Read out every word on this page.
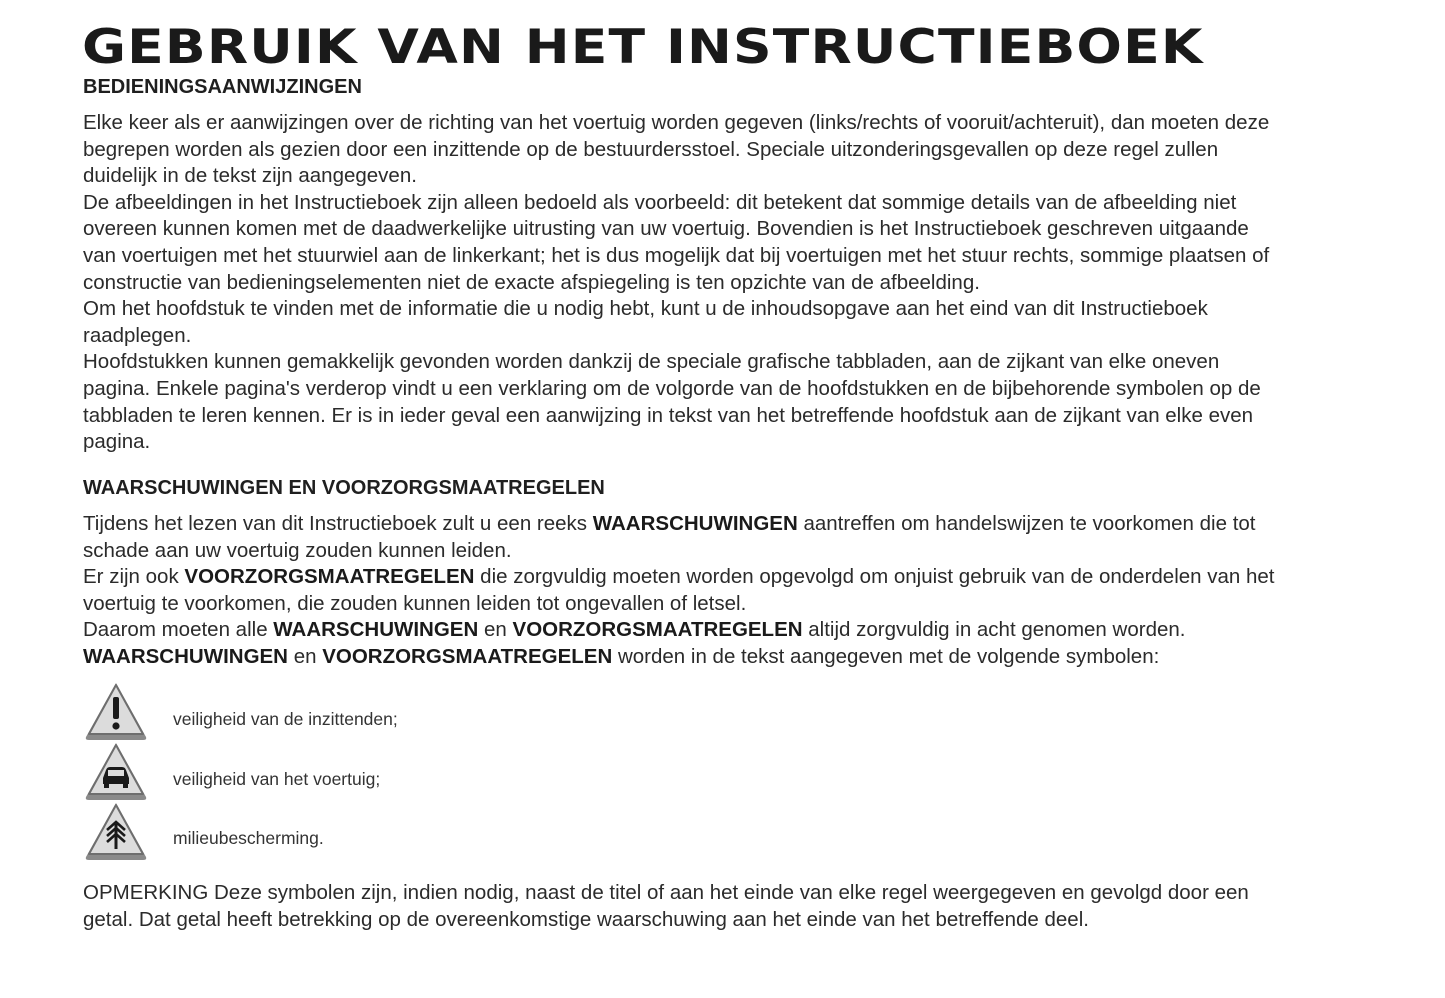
GEBRUIK VAN HET INSTRUCTIEBOEK
BEDIENINGSAANWIJZINGEN

Elke keer als er aanwijzingen over de richting van het voertuig worden gegeven (links/rechts of vooruit/achteruit), dan moeten deze begrepen worden als gezien door een inzittende op de bestuurdersstoel. Speciale uitzonderingsgevallen op deze regel zullen duidelijk in de tekst zijn aangegeven.

De afbeeldingen in het Instructieboek zijn alleen bedoeld als voorbeeld: dit betekent dat sommige details van de afbeelding niet overeen kunnen komen met de daadwerkelijke uitrusting van uw voertuig. Bovendien is het Instructieboek geschreven uitgaande van voertuigen met het stuurwiel aan de linkerkant; het is dus mogelijk dat bij voertuigen met het stuur rechts, sommige plaatsen of constructie van bedieningselementen niet de exacte afspiegeling is ten opzichte van de afbeelding.

Om het hoofdstuk te vinden met de informatie die u nodig hebt, kunt u de inhoudsopgave aan het eind van dit Instructieboek raadplegen.

Hoofdstukken kunnen gemakkelijk gevonden worden dankzij de speciale grafische tabbladen, aan de zijkant van elke oneven pagina. Enkele pagina's verderop vindt u een verklaring om de volgorde van de hoofdstukken en de bijbehorende symbolen op de tabbladen te leren kennen. Er is in ieder geval een aanwijzing in tekst van het betreffende hoofdstuk aan de zijkant van elke even pagina.

WAARSCHUWINGEN EN VOORZORGSMAATREGELEN

Tijdens het lezen van dit Instructieboek zult u een reeks WAARSCHUWINGEN aantreffen om handelswijzen te voorkomen die tot schade aan uw voertuig zouden kunnen leiden.

Er zijn ook VOORZORGSMAATREGELEN die zorgvuldig moeten worden opgevolgd om onjuist gebruik van de onderdelen van het voertuig te voorkomen, die zouden kunnen leiden tot ongevallen of letsel.

Daarom moeten alle WAARSCHUWINGEN en VOORZORGSMAATREGELEN altijd zorgvuldig in acht genomen worden.

WAARSCHUWINGEN en VOORZORGSMAATREGELEN worden in de tekst aangegeven met de volgende symbolen:

veiligheid van de inzittenden;
veiligheid van het voertuig;
milieubescherming.

OPMERKING Deze symbolen zijn, indien nodig, naast de titel of aan het einde van elke regel weergegeven en gevolgd door een getal. Dat getal heeft betrekking op de overeenkomstige waarschuwing aan het einde van het betreffende deel.
